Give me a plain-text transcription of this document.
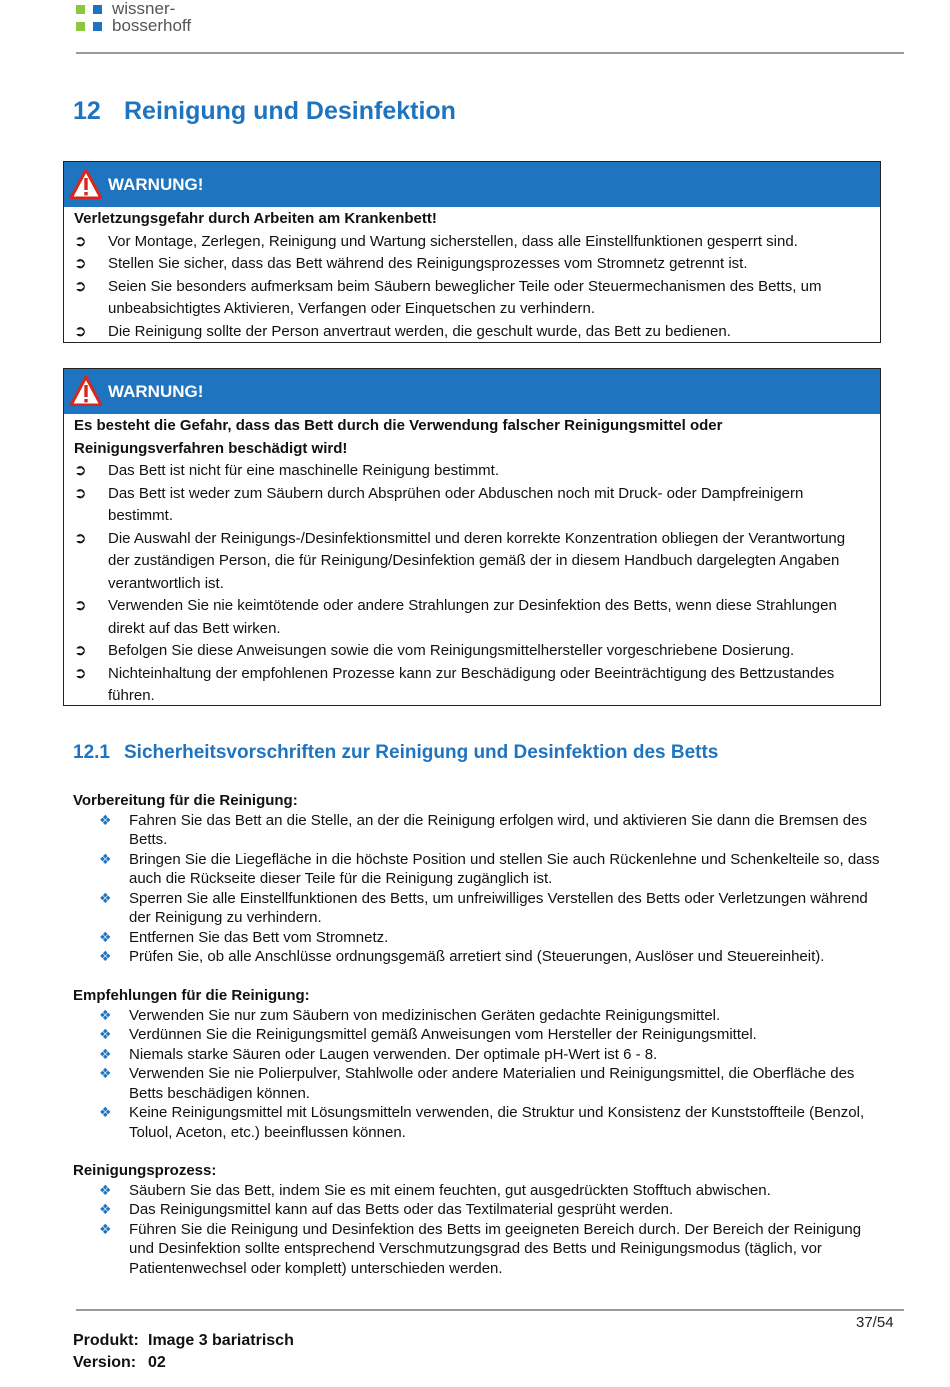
wissner-
bosserhoff
12 Reinigung und Desinfektion
WARNUNG!
Verletzungsgefahr durch Arbeiten am Krankenbett!
➲ Vor Montage, Zerlegen, Reinigung und Wartung sicherstellen, dass alle Einstellfunktionen gesperrt sind.
➲ Stellen Sie sicher, dass das Bett während des Reinigungsprozesses vom Stromnetz getrennt ist.
➲ Seien Sie besonders aufmerksam beim Säubern beweglicher Teile oder Steuermechanismen des Betts, um unbeabsichtigtes Aktivieren, Verfangen oder Einquetschen zu verhindern.
➲ Die Reinigung sollte der Person anvertraut werden, die geschult wurde, das Bett zu bedienen.
WARNUNG!
Es besteht die Gefahr, dass das Bett durch die Verwendung falscher Reinigungsmittel oder Reinigungsverfahren beschädigt wird!
➲ Das Bett ist nicht für eine maschinelle Reinigung bestimmt.
➲ Das Bett ist weder zum Säubern durch Absprühen oder Abduschen noch mit Druck- oder Dampfreinigern bestimmt.
➲ Die Auswahl der Reinigungs-/Desinfektionsmittel und deren korrekte Konzentration obliegen der Verantwortung der zuständigen Person, die für Reinigung/Desinfektion gemäß der in diesem Handbuch dargelegten Angaben verantwortlich ist.
➲ Verwenden Sie nie keimtötende oder andere Strahlungen zur Desinfektion des Betts, wenn diese Strahlungen direkt auf das Bett wirken.
➲ Befolgen Sie diese Anweisungen sowie die vom Reinigungsmittelhersteller vorgeschriebene Dosierung.
➲ Nichteinhaltung der empfohlenen Prozesse kann zur Beschädigung oder Beeinträchtigung des Bettzustandes führen.
12.1 Sicherheitsvorschriften zur Reinigung und Desinfektion des Betts
Vorbereitung für die Reinigung:
❖ Fahren Sie das Bett an die Stelle, an der die Reinigung erfolgen wird, und aktivieren Sie dann die Bremsen des Betts.
❖ Bringen Sie die Liegefläche in die höchste Position und stellen Sie auch Rückenlehne und Schenkelteile so, dass auch die Rückseite dieser Teile für die Reinigung zugänglich ist.
❖ Sperren Sie alle Einstellfunktionen des Betts, um unfreiwilliges Verstellen des Betts oder Verletzungen während der Reinigung zu verhindern.
❖ Entfernen Sie das Bett vom Stromnetz.
❖ Prüfen Sie, ob alle Anschlüsse ordnungsgemäß arretiert sind (Steuerungen, Auslöser und Steuereinheit).
Empfehlungen für die Reinigung:
❖ Verwenden Sie nur zum Säubern von medizinischen Geräten gedachte Reinigungsmittel.
❖ Verdünnen Sie die Reinigungsmittel gemäß Anweisungen vom Hersteller der Reinigungsmittel.
❖ Niemals starke Säuren oder Laugen verwenden. Der optimale pH-Wert ist 6 - 8.
❖ Verwenden Sie nie Polierpulver, Stahlwolle oder andere Materialien und Reinigungsmittel, die Oberfläche des Betts beschädigen können.
❖ Keine Reinigungsmittel mit Lösungsmitteln verwenden, die Struktur und Konsistenz der Kunststoffteile (Benzol, Toluol, Aceton, etc.) beeinflussen können.
Reinigungsprozess:
❖ Säubern Sie das Bett, indem Sie es mit einem feuchten, gut ausgedrückten Stofftuch abwischen.
❖ Das Reinigungsmittel kann auf das Betts oder das Textilmaterial gesprüht werden.
❖ Führen Sie die Reinigung und Desinfektion des Betts im geeigneten Bereich durch. Der Bereich der Reinigung und Desinfektion sollte entsprechend Verschmutzungsgrad des Betts und Reinigungsmodus (täglich, vor Patientenwechsel oder komplett) unterschieden werden.
37/54
Produkt: Image 3 bariatrisch
Version: 02
